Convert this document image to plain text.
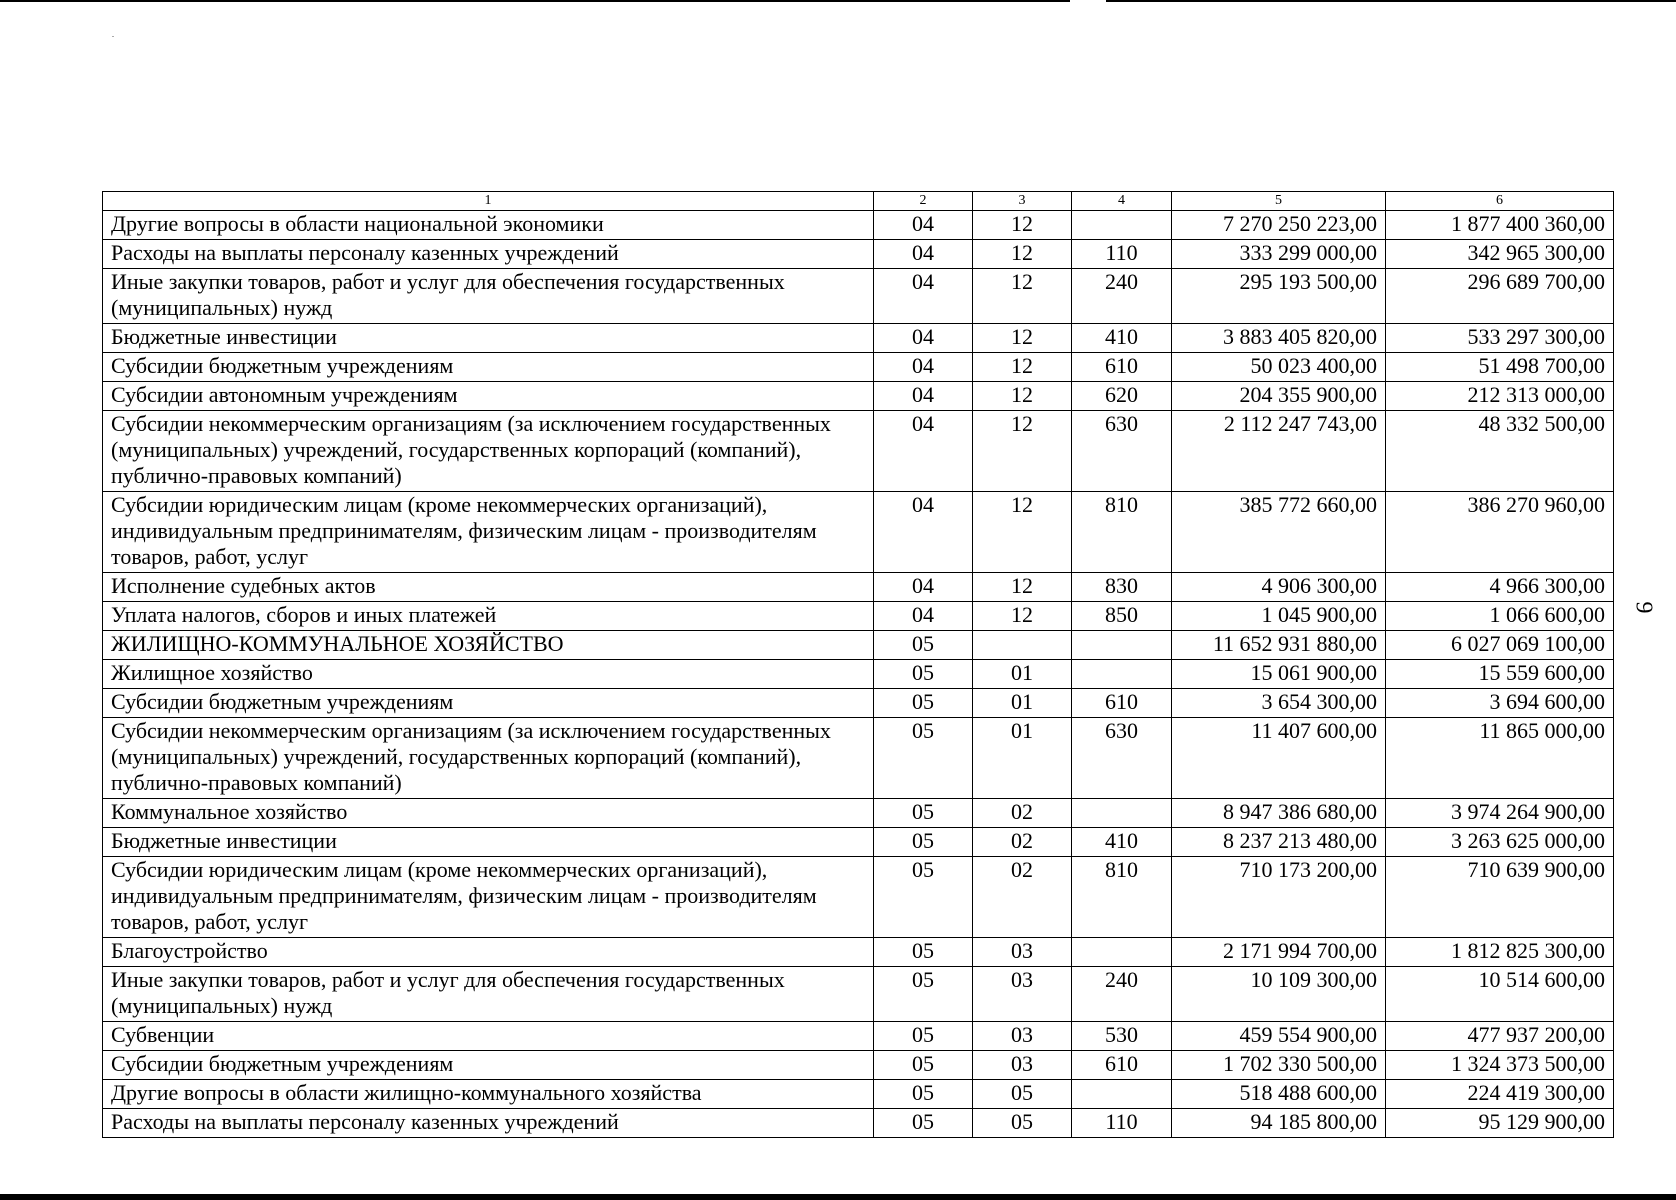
1	2	3	4	5	6
Другие вопросы в области национальной экономики	04	12		7 270 250 223,00	1 877 400 360,00
Расходы на выплаты персоналу казенных учреждений	04	12	110	333 299 000,00	342 965 300,00
Иные закупки товаров, работ и услуг для обеспечения государственных (муниципальных) нужд	04	12	240	295 193 500,00	296 689 700,00
Бюджетные инвестиции	04	12	410	3 883 405 820,00	533 297 300,00
Субсидии бюджетным учреждениям	04	12	610	50 023 400,00	51 498 700,00
Субсидии автономным учреждениям	04	12	620	204 355 900,00	212 313 000,00
Субсидии некоммерческим организациям (за исключением государственных (муниципальных) учреждений, государственных корпораций (компаний), публично-правовых компаний)	04	12	630	2 112 247 743,00	48 332 500,00
Субсидии юридическим лицам (кроме некоммерческих организаций), индивидуальным предпринимателям, физическим лицам - производителям товаров, работ, услуг	04	12	810	385 772 660,00	386 270 960,00
Исполнение судебных актов	04	12	830	4 906 300,00	4 966 300,00
Уплата налогов, сборов и иных платежей	04	12	850	1 045 900,00	1 066 600,00
ЖИЛИЩНО-КОММУНАЛЬНОЕ ХОЗЯЙСТВО	05			11 652 931 880,00	6 027 069 100,00
Жилищное хозяйство	05	01		15 061 900,00	15 559 600,00
Субсидии бюджетным учреждениям	05	01	610	3 654 300,00	3 694 600,00
Субсидии некоммерческим организациям (за исключением государственных (муниципальных) учреждений, государственных корпораций (компаний), публично-правовых компаний)	05	01	630	11 407 600,00	11 865 000,00
Коммунальное хозяйство	05	02		8 947 386 680,00	3 974 264 900,00
Бюджетные инвестиции	05	02	410	8 237 213 480,00	3 263 625 000,00
Субсидии юридическим лицам (кроме некоммерческих организаций), индивидуальным предпринимателям, физическим лицам - производителям товаров, работ, услуг	05	02	810	710 173 200,00	710 639 900,00
Благоустройство	05	03		2 171 994 700,00	1 812 825 300,00
Иные закупки товаров, работ и услуг для обеспечения государственных (муниципальных) нужд	05	03	240	10 109 300,00	10 514 600,00
Субвенции	05	03	530	459 554 900,00	477 937 200,00
Субсидии бюджетным учреждениям	05	03	610	1 702 330 500,00	1 324 373 500,00
Другие вопросы в области жилищно-коммунального хозяйства	05	05		518 488 600,00	224 419 300,00
Расходы на выплаты персоналу казенных учреждений	05	05	110	94 185 800,00	95 129 900,00
9
